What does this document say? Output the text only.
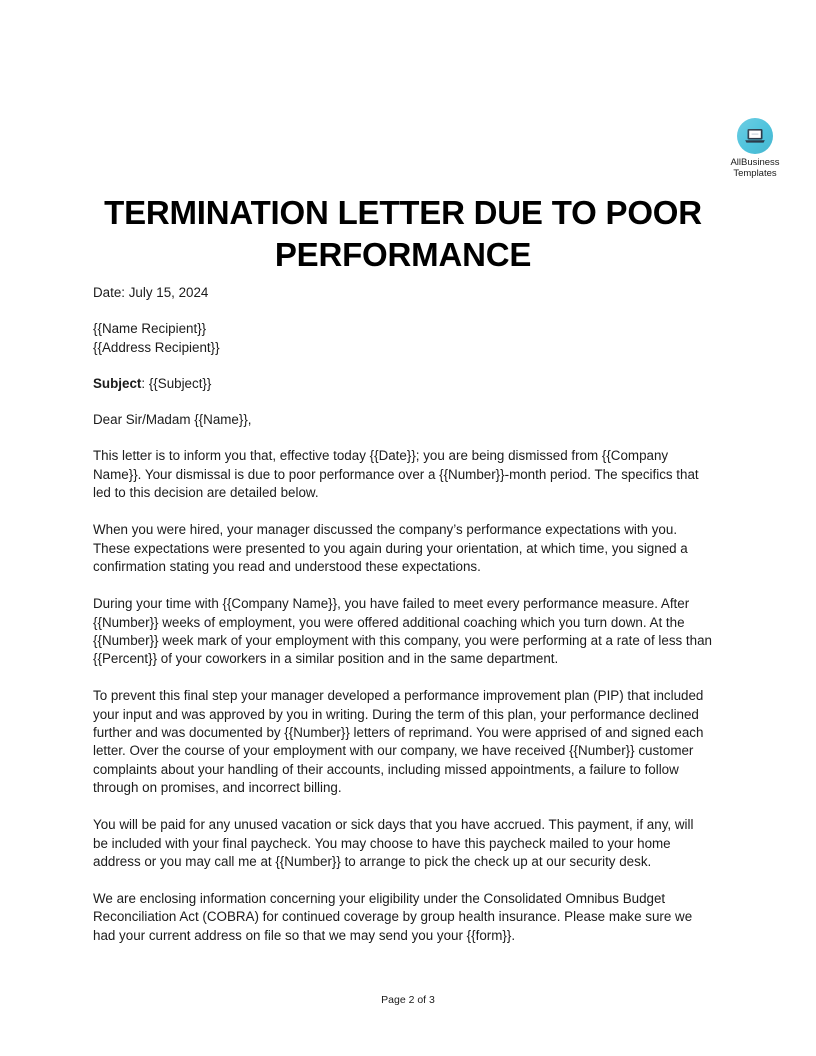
AllBusiness
Templates
TERMINATION LETTER DUE TO POOR PERFORMANCE

Date: July 15, 2024

{{Name Recipient}}

{{Address Recipient}}

Subject: {{Subject}}

Dear Sir/Madam {{Name}},

This letter is to inform you that, effective today {{Date}}; you are being dismissed from {{Company Name}}. Your dismissal is due to poor performance over a {{Number}}-month period. The specifics that led to this decision are detailed below.

When you were hired, your manager discussed the company’s performance expectations with you. These expectations were presented to you again during your orientation, at which time, you signed a confirmation stating you read and understood these expectations.

During your time with {{Company Name}}, you have failed to meet every performance measure. After {{Number}} weeks of employment, you were offered additional coaching which you turn down. At the {{Number}} week mark of your employment with this company, you were performing at a rate of less than {{Percent}} of your coworkers in a similar position and in the same department.

To prevent this final step your manager developed a performance improvement plan (PIP) that included your input and was approved by you in writing. During the term of this plan, your performance declined further and was documented by {{Number}} letters of reprimand. You were apprised of and signed each letter. Over the course of your employment with our company, we have received {{Number}} customer complaints about your handling of their accounts, including missed appointments, a failure to follow through on promises, and incorrect billing.

You will be paid for any unused vacation or sick days that you have accrued. This payment, if any, will be included with your final paycheck. You may choose to have this paycheck mailed to your home address or you may call me at {{Number}} to arrange to pick the check up at our security desk.

We are enclosing information concerning your eligibility under the Consolidated Omnibus Budget Reconciliation Act (COBRA) for continued coverage by group health insurance. Please make sure we had your current address on file so that we may send you your {{form}}.

Page 2 of 3
